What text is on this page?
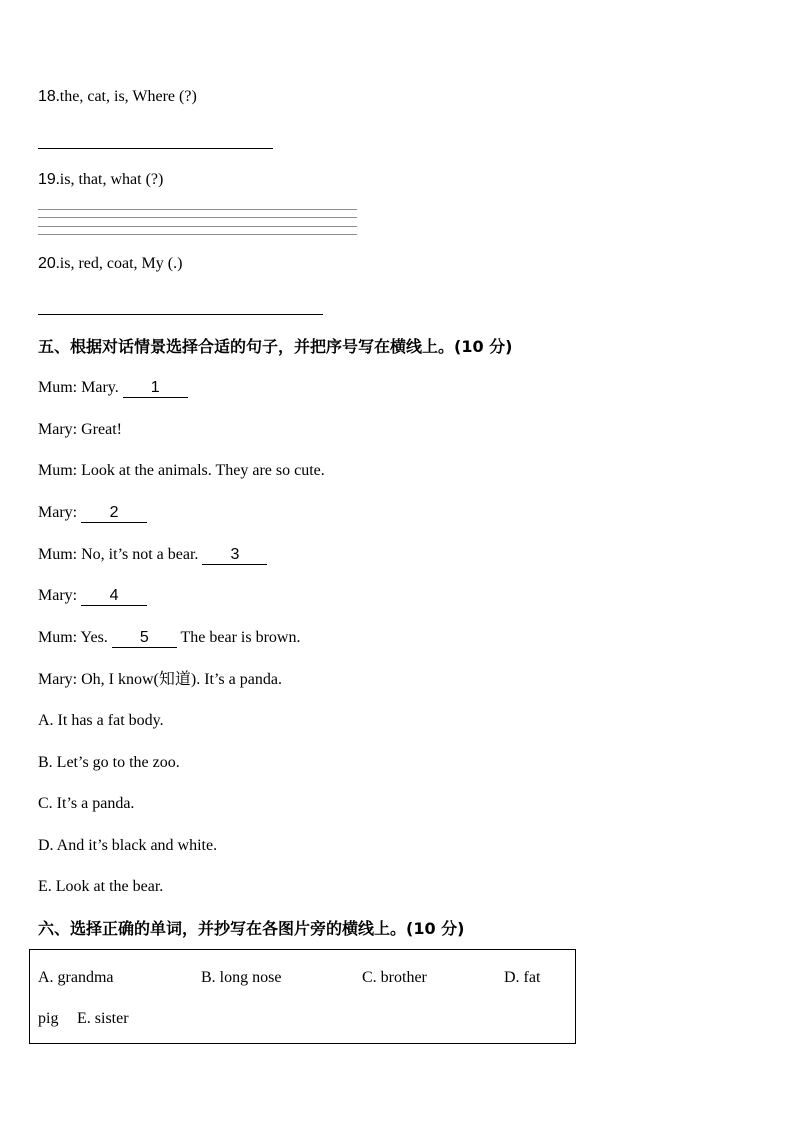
18.the, cat, is, Where (?)
19.is, that, what (?)
20.is, red, coat, My (.)
五、根据对话情景选择合适的句子，并把序号写在横线上。(10 分)
Mum: Mary. 1
Mary: Great!
Mum: Look at the animals. They are so cute.
Mary: 2
Mum: No, it’s not a bear. 3
Mary: 4
Mum: Yes. 5 The bear is brown.
Mary: Oh, I know(知道). It’s a panda.
A. It has a fat body.
B. Let’s go to the zoo.
C. It’s a panda.
D. And it’s black and white.
E. Look at the bear.
六、选择正确的单词，并抄写在各图片旁的横线上。(10 分)
A. grandma	B. long nose	C. brother	D. fat
pig E. sister
